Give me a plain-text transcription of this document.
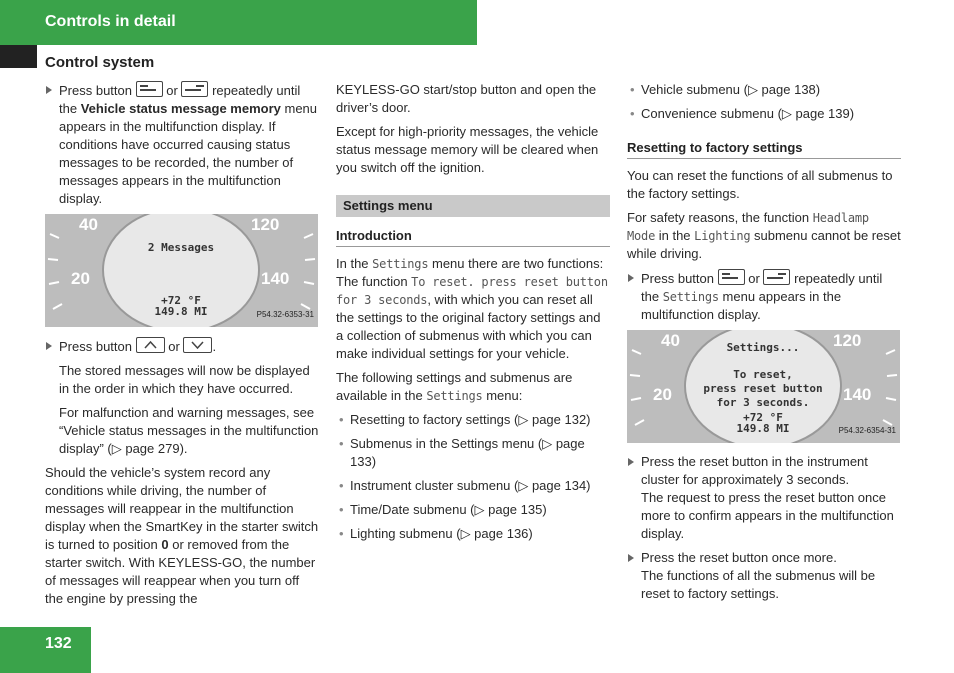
Controls in detail
Control system

Press button	or	repeatedly until the Vehicle status message memory menu appears in the multifunction display. If conditions have occurred causing status messages to be recorded, the number of messages appears in the multifunction display.

40
20
120
140
2 Messages
+72 °F
149.8 MI	P54.32-6353-31

Press button	or	.

The stored messages will now be displayed in the order in which they have occurred.

For malfunction and warning messages, see “Vehicle status messages in the multifunction display” (▷ page 279).

Should the vehicle’s system record any conditions while driving, the number of messages will reappear in the multifunction display when the SmartKey in the starter switch is turned to position 0 or removed from the starter switch. With KEYLESS-GO, the number of messages will reappear when you turn off the engine by pressing the

KEYLESS-GO start/stop button and open the driver’s door.

Except for high-priority messages, the vehicle status message memory will be cleared when you switch off the ignition.

Settings menu
Introduction

In the Settings menu there are two functions: The function To reset. press reset button for 3 seconds, with which you can reset all the settings to the original factory settings and a collection of submenus with which you can make individual settings for your vehicle.

The following settings and submenus are available in the Settings menu:

• Resetting to factory settings (▷ page 132)
• Submenus in the Settings menu (▷ page 133)
• Instrument cluster submenu (▷ page 134)
• Time/Date submenu (▷ page 135)
• Lighting submenu (▷ page 136)
• Vehicle submenu (▷ page 138)
• Convenience submenu (▷ page 139)
Resetting to factory settings

You can reset the functions of all submenus to the factory settings.

For safety reasons, the function Headlamp Mode in the Lighting submenu cannot be reset while driving.

Press button	or	repeatedly until the Settings menu appears in the multifunction display.

40
20
120
140
Settings...
To reset,
press reset button
for 3 seconds.
+72 °F
149.8 MI	P54.32-6354-31

Press the reset button in the instrument cluster for approximately 3 seconds.

The request to press the reset button once more to confirm appears in the multifunction display.

Press the reset button once more.

The functions of all the submenus will be reset to factory settings.

132
